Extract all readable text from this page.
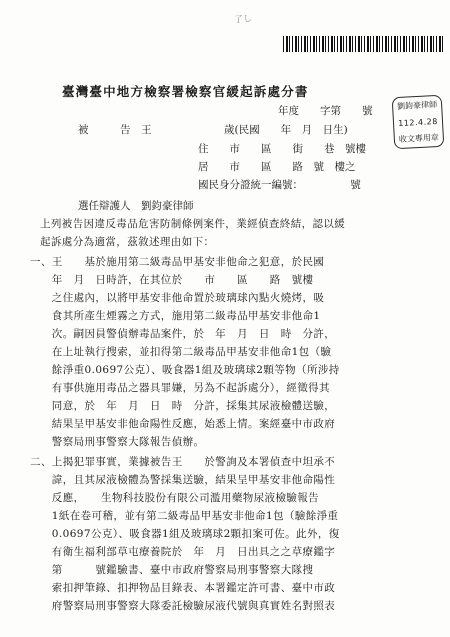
了し
臺灣臺中地方檢察署檢察官緩起訴處分書
年度　　字第　　號	劉鈞豪律師
112.4.28
收文專用章
被　　　告　王	歲(民國　　年　月　日生)
住　　市　　區　　街　　巷　號樓
居　　市　　區　　路　號　樓之
國民身分證統一編號：　　　　　號
選任辯護人　劉鈞豪律師
上列被告因違反毒品危害防制條例案件，業經偵查終結，認以緩
起訴處分為適當，茲敘述理由如下：
一、王　　基於施用第二級毒品甲基安非他命之犯意，於民國
　　年　月　日時許，在其位於　　市　　區　　路　號樓
　　之住處內，以將甲基安非他命置於玻璃球內點火燒烤，吸
　　食其所產生煙霧之方式，施用第二級毒品甲基安非他命1
　　次。嗣因員警偵辦毒品案件，於　年　月　日　時　分許，
　　在上址執行搜索，並扣得第二級毒品甲基安非他命1包（驗
　　餘淨重0.0697公克）、吸食器1組及玻璃球2顆等物（所涉持
　　有事供施用毒品之器具罪嫌，另為不起訴處分），經徵得其
　　同意，於　年　月　日　時　分許，採集其尿液檢體送驗，
　　結果呈甲基安非他命陽性反應，始悉上情。案經臺中市政府
　　警察局刑事警察大隊報告偵辦。
二、上揭犯罪事實，業據被告王　　於警詢及本署偵查中坦承不
　　諱，且其尿液檢體為警採集送驗，結果呈甲基安非他命陽性
　　反應，　　生物科技股份有限公司濫用藥物尿液檢驗報告
　　1紙在卷可稽，並有第二級毒品甲基安非他命1包（驗餘淨重
　　0.0697公克）、吸食器1組及玻璃球2顆扣案可佐。此外，復
　　有衛生福利部草屯療養院於　年　月　日出具之之草療鑑字
　　第　　　號鑑驗書、臺中市政府警察局刑事警察大隊搜
　　索扣押筆錄、扣押物品目錄表、本署鑑定許可書、臺中市政
　　府警察局刑事警察大隊委託檢驗尿液代號與真實姓名對照表
